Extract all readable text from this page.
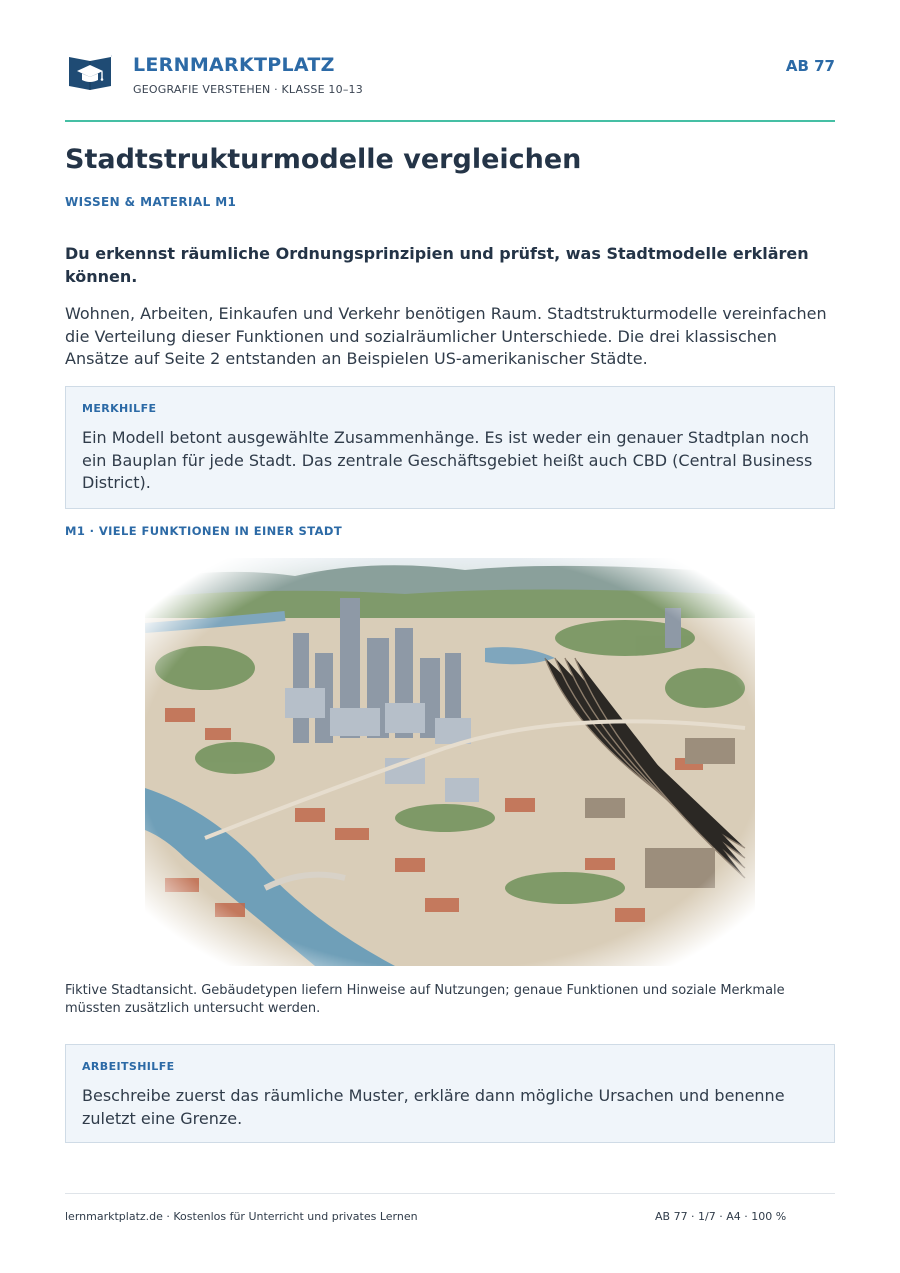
LERNMARKTPLATZ
GEOGRAFIE VERSTEHEN · KLASSE 10–13
AB 77
Stadtstrukturmodelle vergleichen
WISSEN & MATERIAL M1
Du erkennst räumliche Ordnungsprinzipien und prüfst, was Stadtmodelle erklären können.
Wohnen, Arbeiten, Einkaufen und Verkehr benötigen Raum. Stadtstrukturmodelle vereinfachen die Verteilung dieser Funktionen und sozialräumlicher Unterschiede. Die drei klassischen Ansätze auf Seite 2 entstanden an Beispielen US-amerikanischer Städte.
MERKHILFE
Ein Modell betont ausgewählte Zusammenhänge. Es ist weder ein genauer Stadtplan noch ein Bauplan für jede Stadt. Das zentrale Geschäftsgebiet heißt auch CBD (Central Business District).
M1 · VIELE FUNKTIONEN IN EINER STADT
Fiktive Stadtansicht. Gebäudetypen liefern Hinweise auf Nutzungen; genaue Funktionen und soziale Merkmale müssten zusätzlich untersucht werden.
ARBEITSHILFE
Beschreibe zuerst das räumliche Muster, erkläre dann mögliche Ursachen und benenne zuletzt eine Grenze.
lernmarktplatz.de · Kostenlos für Unterricht und privates Lernen	AB 77 · 1/7 · A4 · 100 %
